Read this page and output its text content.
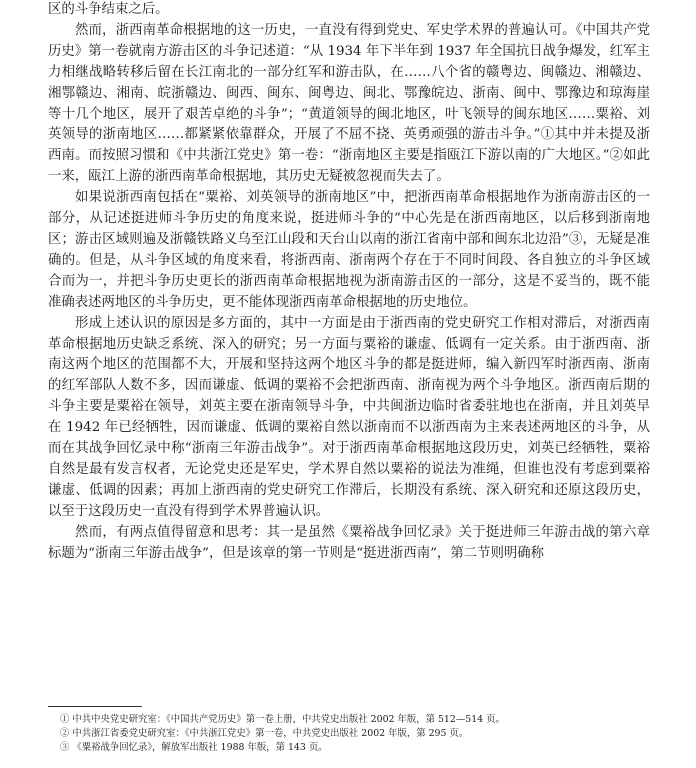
区的斗争结束之后。

然而，浙西南革命根据地的这一历史，一直没有得到党史、军史学术界的普遍认可。《中国共产党历史》第一卷就南方游击区的斗争记述道：“从 1934 年下半年到 1937 年全国抗日战争爆发，红军主力相继战略转移后留在长江南北的一部分红军和游击队，在……八个省的赣粤边、闽赣边、湘赣边、湘鄂赣边、湘南、皖浙赣边、闽西、闽东、闽粤边、闽北、鄂豫皖边、浙南、闽中、鄂豫边和琼海崖等十几个地区，展开了艰苦卓绝的斗争”；“黄道领导的闽北地区，叶飞领导的闽东地区……粟裕、刘英领导的浙南地区……都紧紧依靠群众，开展了不屈不挠、英勇顽强的游击斗争。”①其中并未提及浙西南。而按照习惯和《中共浙江党史》第一卷：“浙南地区主要是指瓯江下游以南的广大地区。”②如此一来，瓯江上游的浙西南革命根据地，其历史无疑被忽视而失去了。

如果说浙西南包括在“粟裕、刘英领导的浙南地区”中，把浙西南革命根据地作为浙南游击区的一部分，从记述挺进师斗争历史的角度来说，挺进师斗争的“中心先是在浙西南地区，以后移到浙南地区；游击区域则遍及浙赣铁路义乌至江山段和天台山以南的浙江省南中部和闽东北边沿”③，无疑是准确的。但是，从斗争区域的角度来看，将浙西南、浙南两个存在于不同时间段、各自独立的斗争区域合而为一，并把斗争历史更长的浙西南革命根据地视为浙南游击区的一部分，这是不妥当的，既不能准确表述两地区的斗争历史，更不能体现浙西南革命根据地的历史地位。

形成上述认识的原因是多方面的，其中一方面是由于浙西南的党史研究工作相对滞后，对浙西南革命根据地历史缺乏系统、深入的研究；另一方面与粟裕的谦虚、低调有一定关系。由于浙西南、浙南这两个地区的范围都不大，开展和坚持这两个地区斗争的都是挺进师，编入新四军时浙西南、浙南的红军部队人数不多，因而谦虚、低调的粟裕不会把浙西南、浙南视为两个斗争地区。浙西南后期的斗争主要是粟裕在领导，刘英主要在浙南领导斗争，中共闽浙边临时省委驻地也在浙南，并且刘英早在 1942 年已经牺牲，因而谦虚、低调的粟裕自然以浙南而不以浙西南为主来表述两地区的斗争，从而在其战争回忆录中称“浙南三年游击战争”。对于浙西南革命根据地这段历史，刘英已经牺牲，粟裕自然是最有发言权者，无论党史还是军史，学术界自然以粟裕的说法为准绳，但谁也没有考虑到粟裕谦虚、低调的因素；再加上浙西南的党史研究工作滞后，长期没有系统、深入研究和还原这段历史，以至于这段历史一直没有得到学术界普遍认识。

然而，有两点值得留意和思考：其一是虽然《粟裕战争回忆录》关于挺进师三年游击战的第六章标题为“浙南三年游击战争”，但是该章的第一节则是“挺进浙西南”，第二节则明确称

① 中共中央党史研究室：《中国共产党历史》第一卷上册，中共党史出版社 2002 年版，第 512—514 页。
② 中共浙江省委党史研究室：《中共浙江党史》第一卷，中共党史出版社 2002 年版，第 295 页。
③ 《粟裕战争回忆录》，解放军出版社 1988 年版，第 143 页。
